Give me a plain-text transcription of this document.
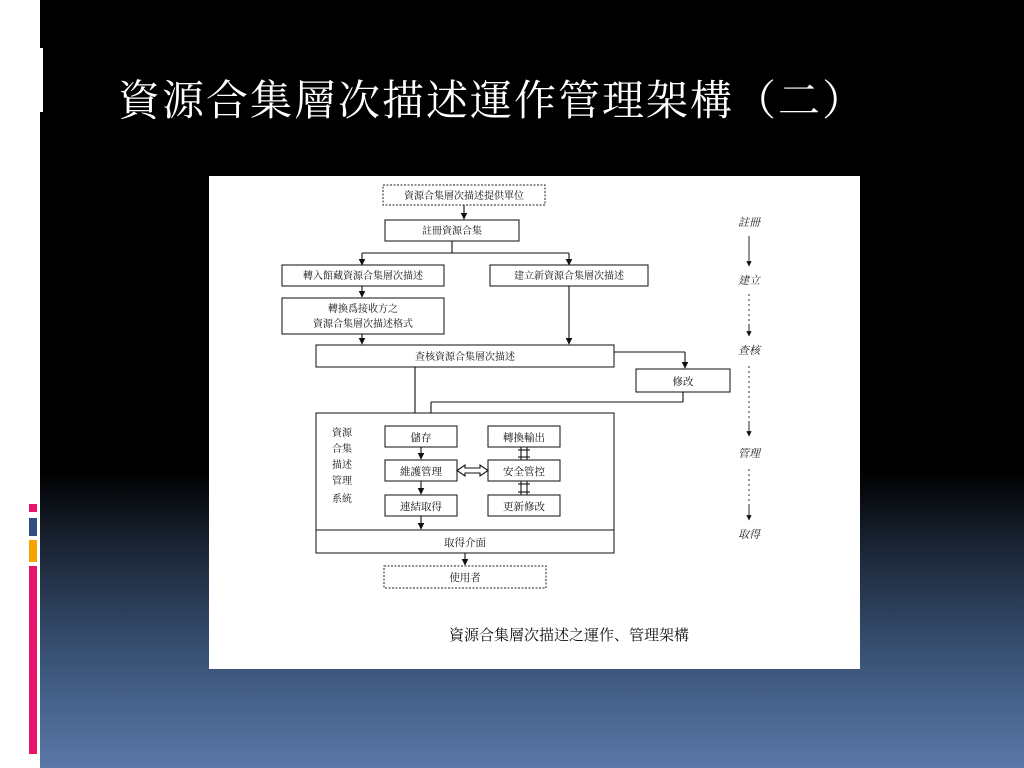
資源合集層次描述運作管理架構（二）
資源合集層次描述提供單位
註冊資源合集
轉入館藏資源合集層次描述	建立新資源合集層次描述
轉換爲接收方之
資源合集層次描述格式
查核資源合集層次描述
修改
資源
合集
描述
管理
系統
儲存
維護管理
連結取得
轉換輸出
安全管控
更新修改
取得介面
使用者
註冊
建立
查核
管理
取得
資源合集層次描述之運作、管理架構
